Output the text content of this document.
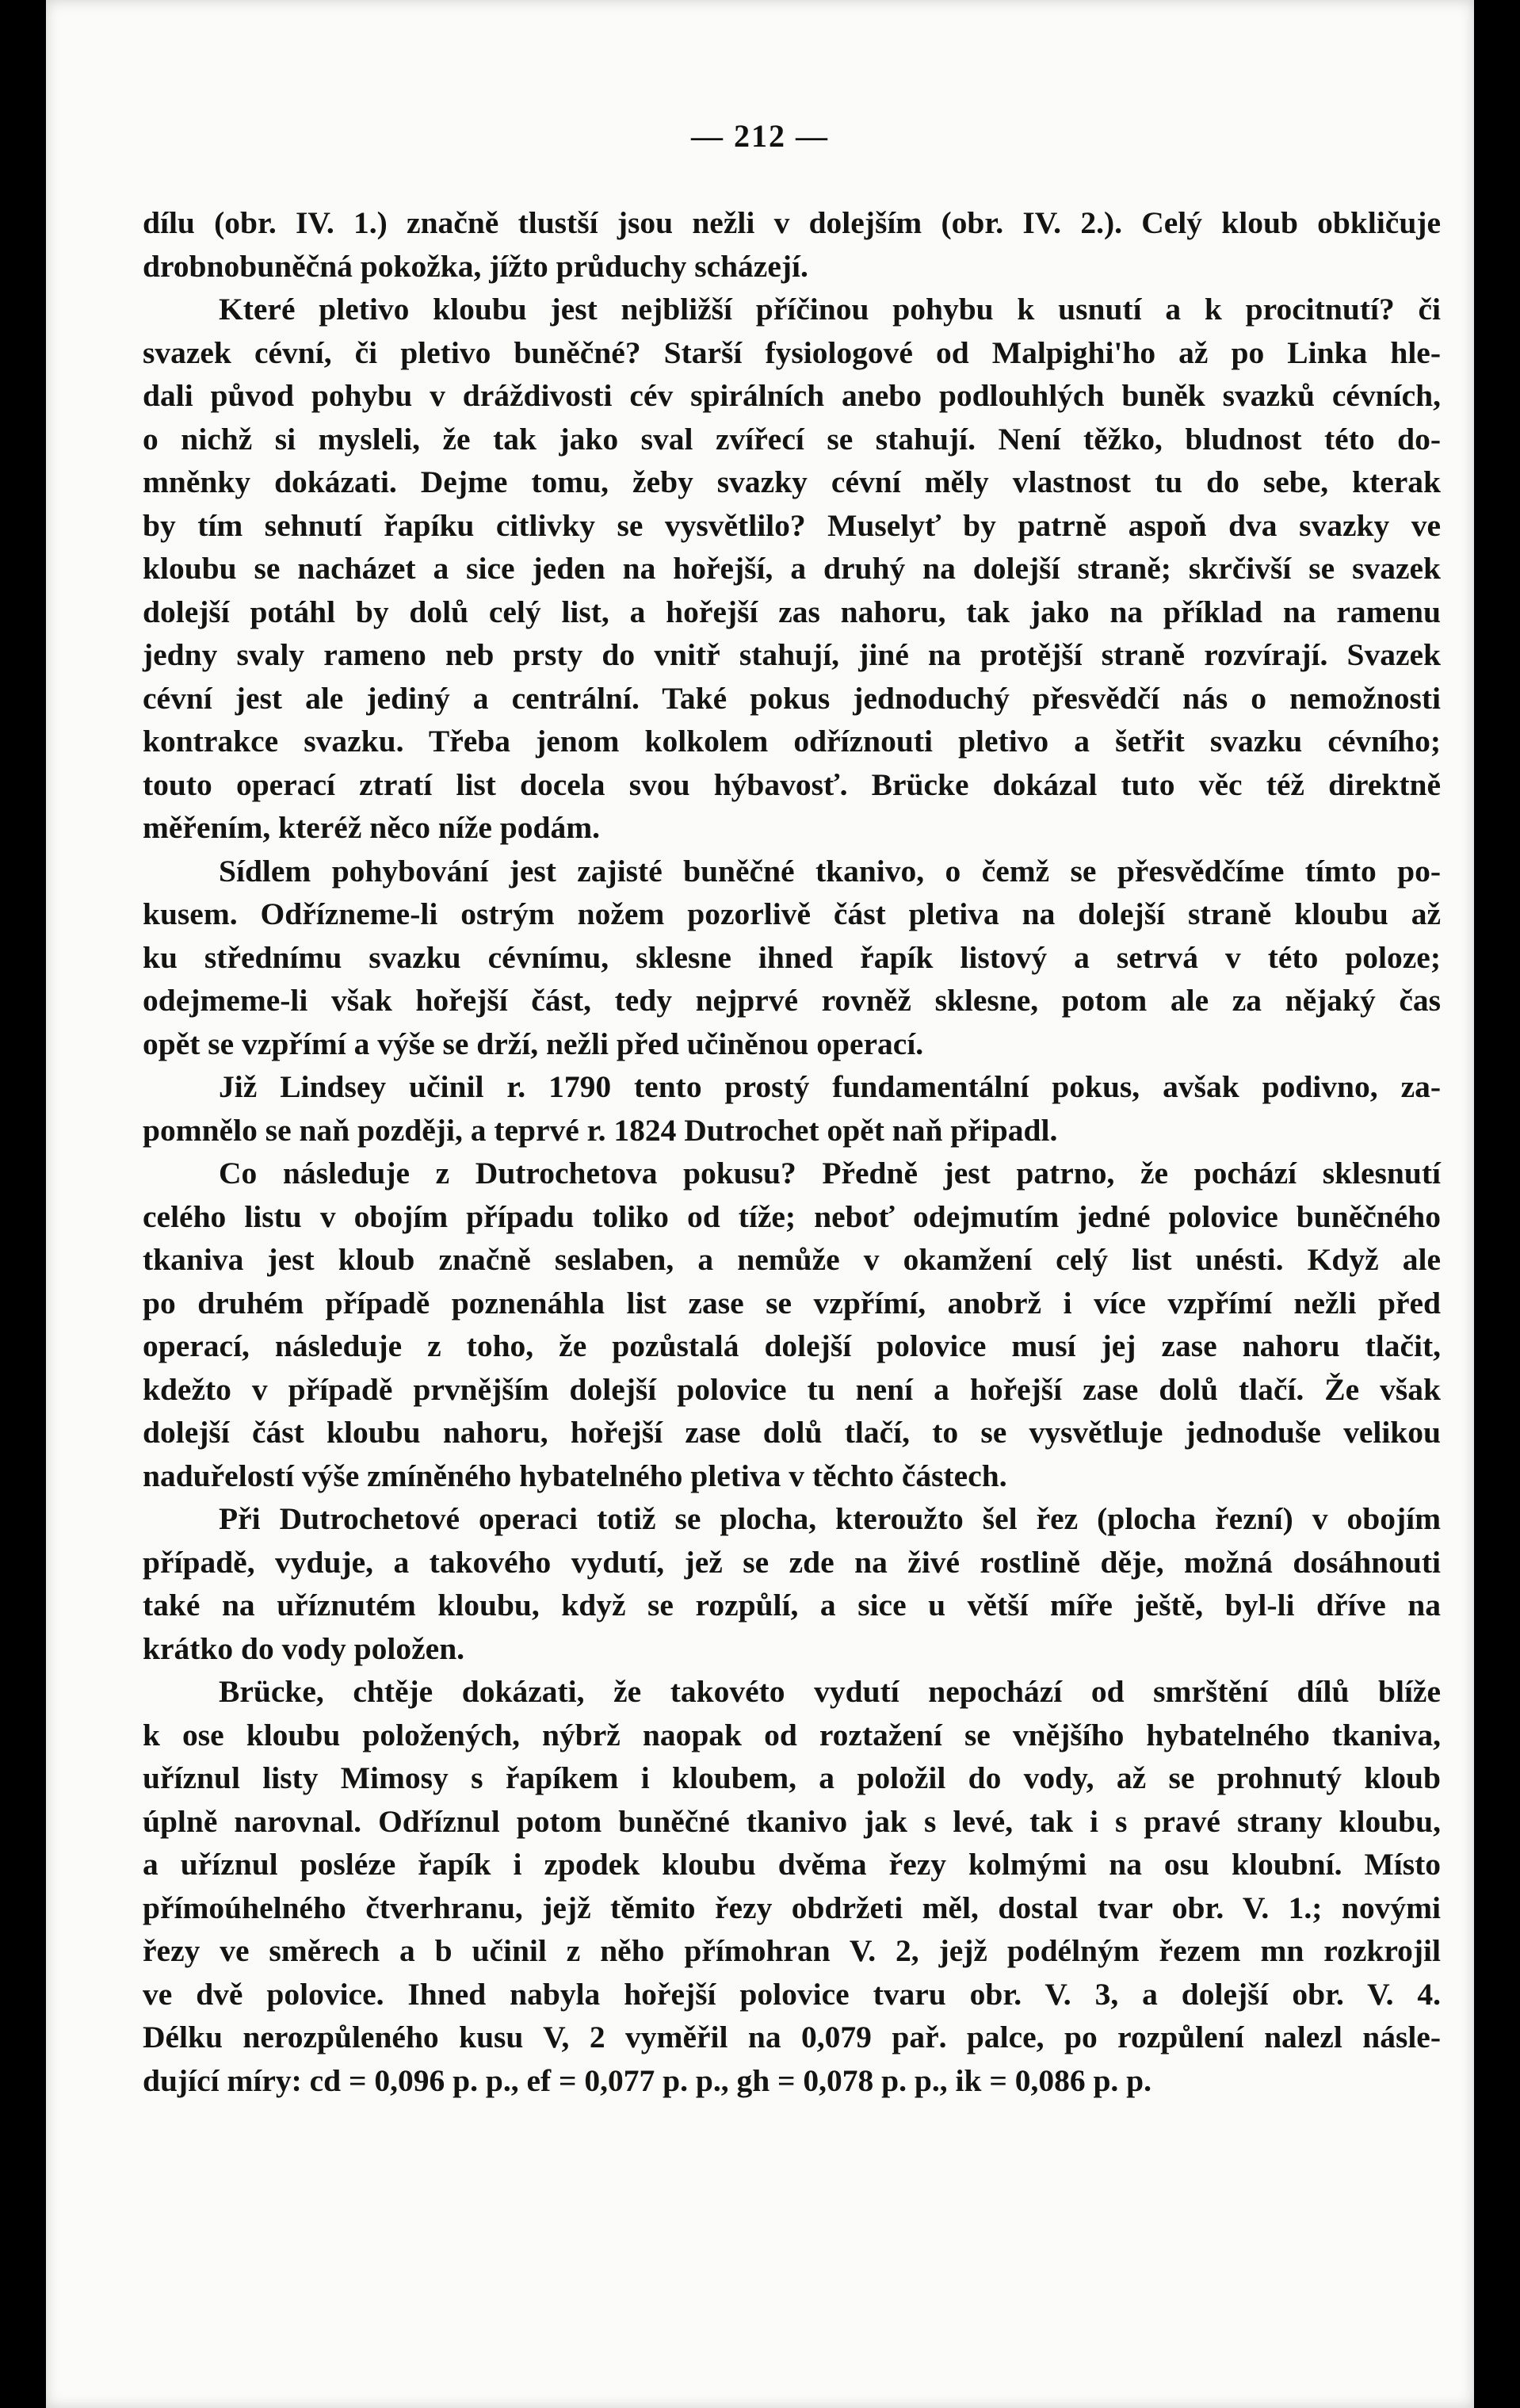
— 212 —
dílu (obr. IV. 1.) značně tlustší jsou nežli v dolejším (obr. IV. 2.). Celý kloub obkličuje
drobnobuněčná pokožka, jížto průduchy scházejí.
Které pletivo kloubu jest nejbližší příčinou pohybu k usnutí a k procitnutí? či
svazek cévní, či pletivo buněčné? Starší fysiologové od Malpighi'ho až po Linka hle-
dali původ pohybu v dráždivosti cév spirálních anebo podlouhlých buněk svazků cévních,
o nichž si mysleli, že tak jako sval zvířecí se stahují. Není těžko, bludnost této do-
mněnky dokázati. Dejme tomu, žeby svazky cévní měly vlastnost tu do sebe, kterak
by tím sehnutí řapíku citlivky se vysvětlilo? Muselyť by patrně aspoň dva svazky ve
kloubu se nacházet a sice jeden na hořejší, a druhý na dolejší straně; skrčivší se svazek
dolejší potáhl by dolů celý list, a hořejší zas nahoru, tak jako na příklad na ramenu
jedny svaly rameno neb prsty do vnitř stahují, jiné na protější straně rozvírají. Svazek
cévní jest ale jediný a centrální. Také pokus jednoduchý přesvědčí nás o nemožnosti
kontrakce svazku. Třeba jenom kolkolem odříznouti pletivo a šetřit svazku cévního;
touto operací ztratí list docela svou hýbavosť. Brücke dokázal tuto věc též direktně
měřením, kteréž něco níže podám.
Sídlem pohybování jest zajisté buněčné tkanivo, o čemž se přesvědčíme tímto po-
kusem. Odřízneme-li ostrým nožem pozorlivě část pletiva na dolejší straně kloubu až
ku střednímu svazku cévnímu, sklesne ihned řapík listový a setrvá v této poloze;
odejmeme-li však hořejší část, tedy nejprvé rovněž sklesne, potom ale za nějaký čas
opět se vzpřímí a výše se drží, nežli před učiněnou operací.
Již Lindsey učinil r. 1790 tento prostý fundamentální pokus, avšak podivno, za-
pomnělo se naň později, a teprvé r. 1824 Dutrochet opět naň připadl.
Co následuje z Dutrochetova pokusu? Předně jest patrno, že pochází sklesnutí
celého listu v obojím případu toliko od tíže; neboť odejmutím jedné polovice buněčného
tkaniva jest kloub značně seslaben, a nemůže v okamžení celý list unésti. Když ale
po druhém případě poznenáhla list zase se vzpřímí, anobrž i více vzpřímí nežli před
operací, následuje z toho, že pozůstalá dolejší polovice musí jej zase nahoru tlačit,
kdežto v případě prvnějším dolejší polovice tu není a hořejší zase dolů tlačí. Že však
dolejší část kloubu nahoru, hořejší zase dolů tlačí, to se vysvětluje jednoduše velikou
naduřelostí výše zmíněného hybatelného pletiva v těchto částech.
Při Dutrochetové operaci totiž se plocha, kteroužto šel řez (plocha řezní) v obojím
případě, vyduje, a takového vydutí, jež se zde na živé rostlině děje, možná dosáhnouti
také na uříznutém kloubu, když se rozpůlí, a sice u větší míře ještě, byl-li dříve na
krátko do vody položen.
Brücke, chtěje dokázati, že takovéto vydutí nepochází od smrštění dílů blíže
k ose kloubu položených, nýbrž naopak od roztažení se vnějšího hybatelného tkaniva,
uříznul listy Mimosy s řapíkem i kloubem, a položil do vody, až se prohnutý kloub
úplně narovnal. Odříznul potom buněčné tkanivo jak s levé, tak i s pravé strany kloubu,
a uříznul posléze řapík i zpodek kloubu dvěma řezy kolmými na osu kloubní. Místo
přímoúhelného čtverhranu, jejž těmito řezy obdržeti měl, dostal tvar obr. V. 1.; novými
řezy ve směrech a b učinil z něho přímohran V. 2, jejž podélným řezem mn rozkrojil
ve dvě polovice. Ihned nabyla hořejší polovice tvaru obr. V. 3, a dolejší obr. V. 4.
Délku nerozpůleného kusu V, 2 vyměřil na 0,079 pař. palce, po rozpůlení nalezl násle-
dující míry: cd = 0,096 p. p., ef = 0,077 p. p., gh = 0,078 p. p., ik = 0,086 p. p.
